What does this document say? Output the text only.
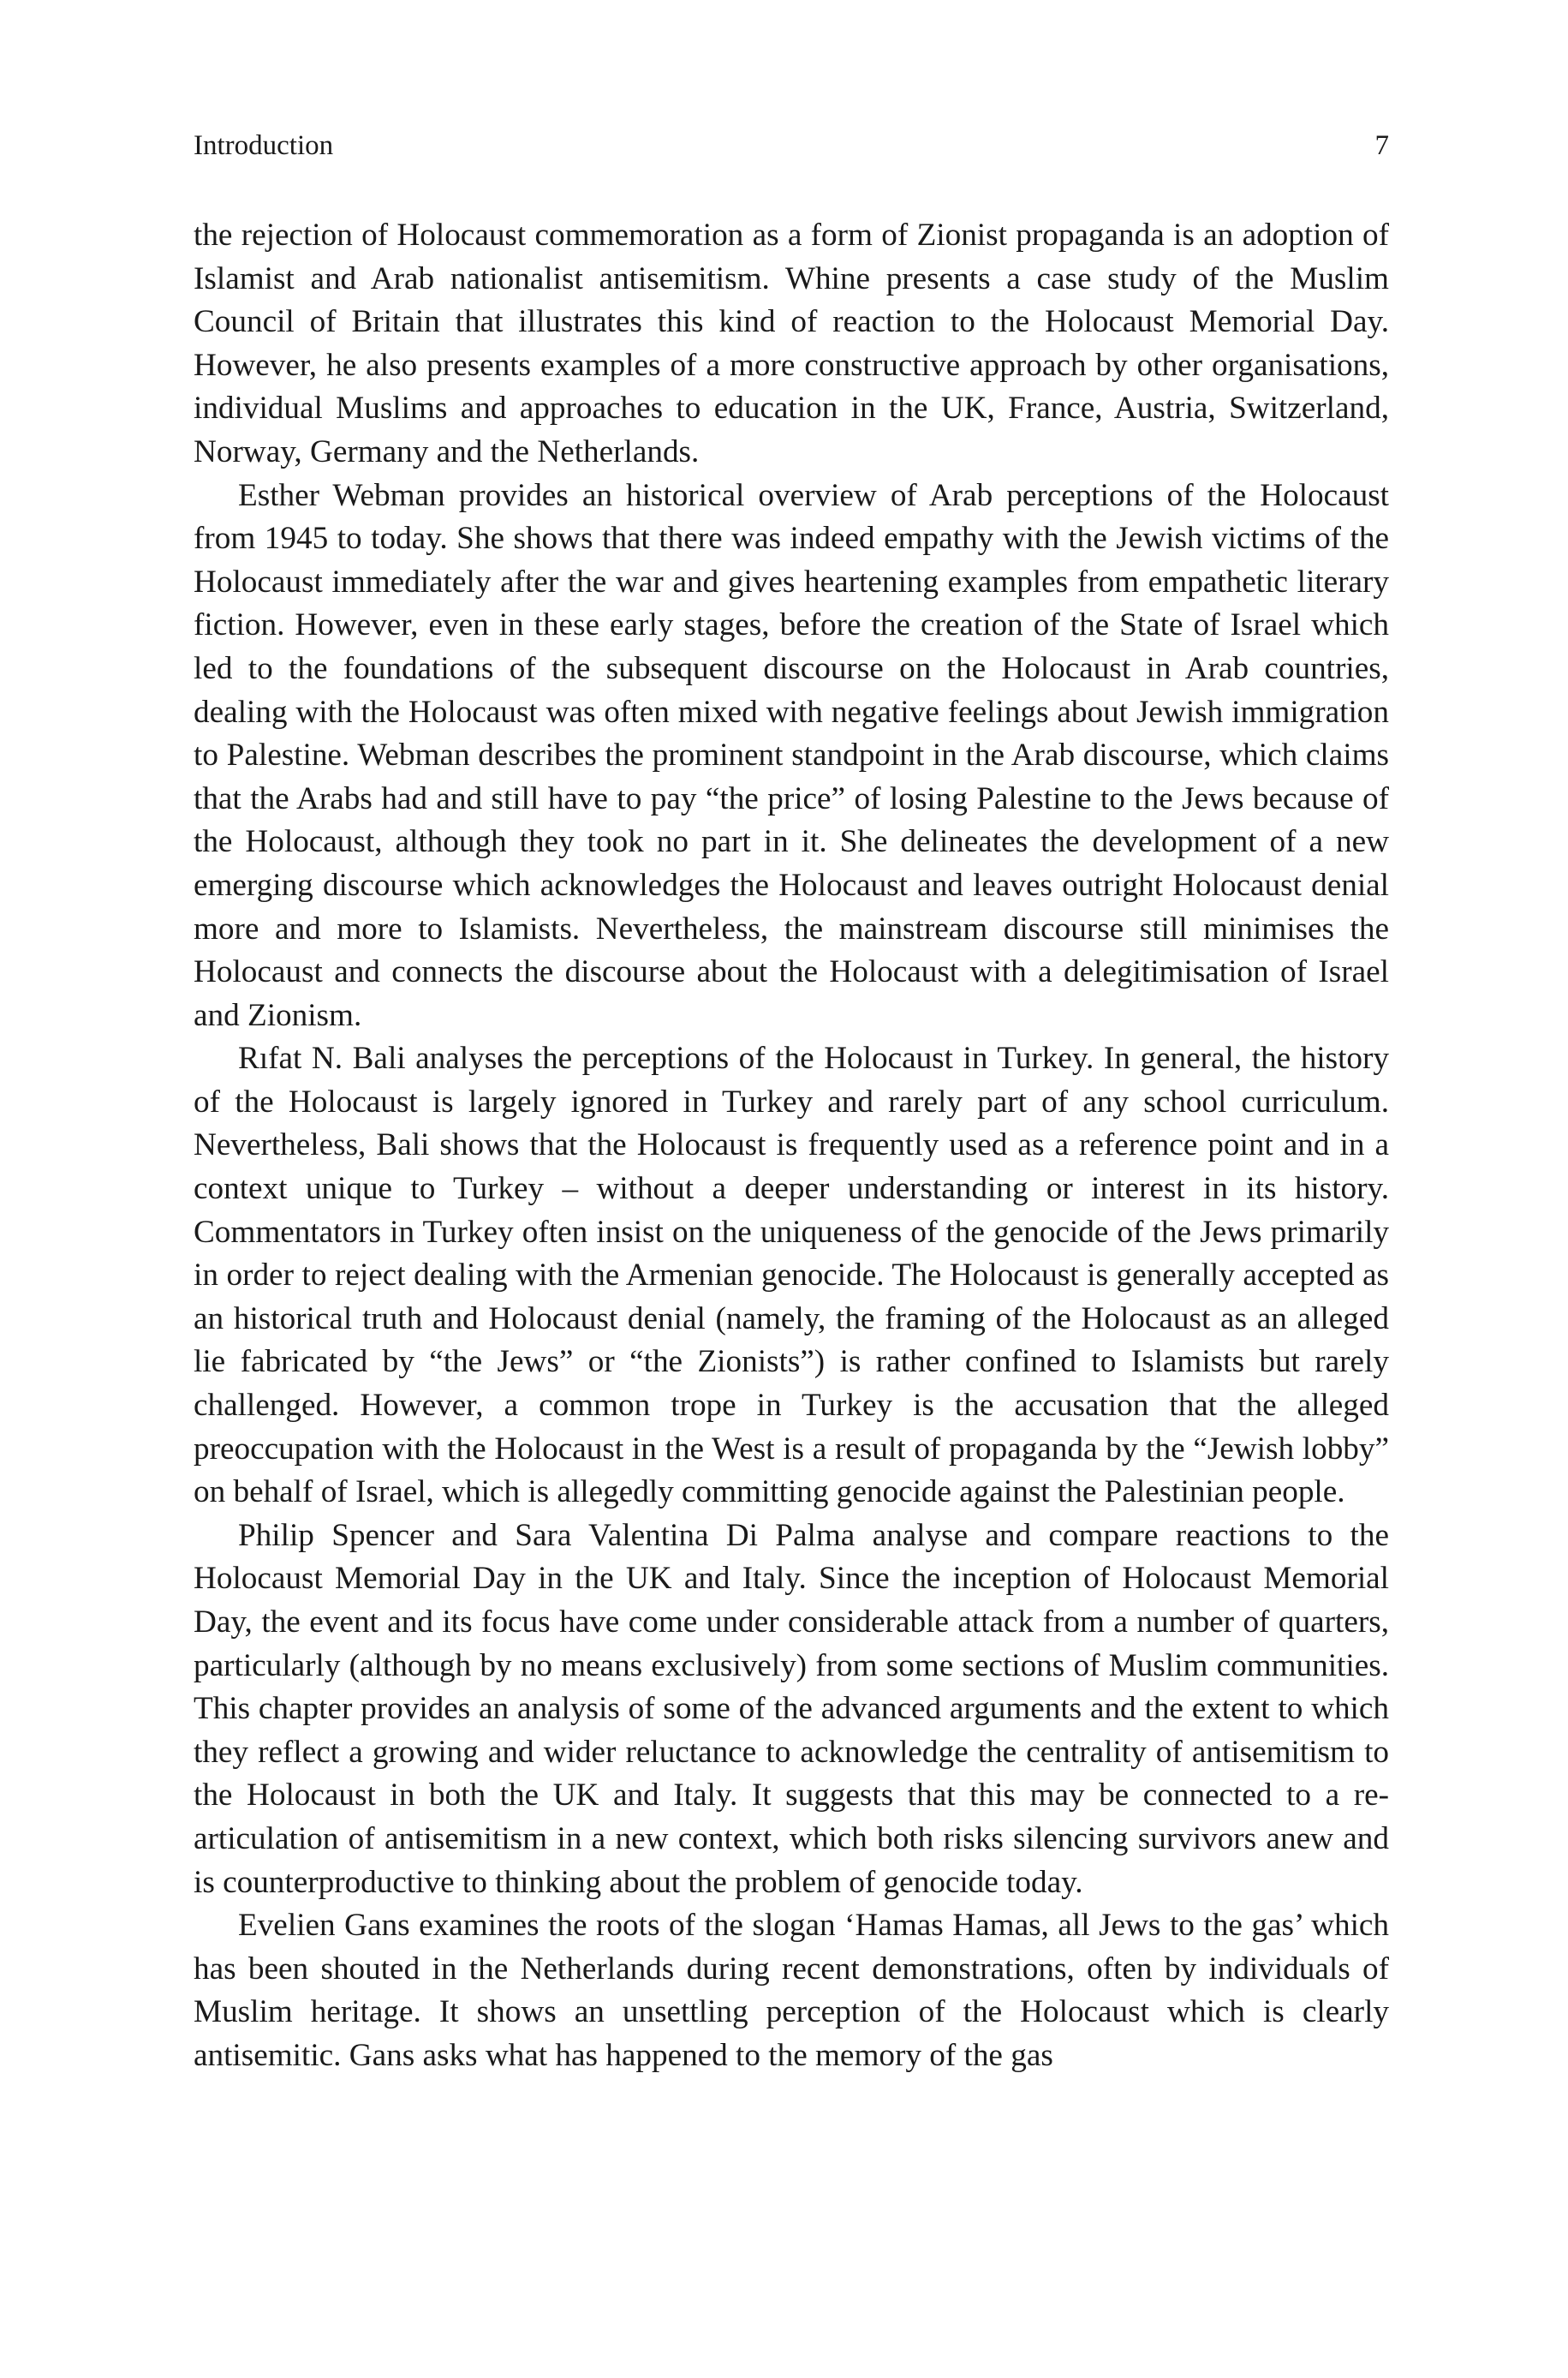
Introduction	7

the rejection of Holocaust commemoration as a form of Zionist propaganda is an adoption of Islamist and Arab nationalist antisemitism. Whine presents a case study of the Muslim Council of Britain that illustrates this kind of reaction to the Holocaust Memorial Day. However, he also presents examples of a more constructive approach by other organisations, individual Muslims and approaches to education in the UK, France, Austria, Switzerland, Norway, Germany and the Netherlands.

Esther Webman provides an historical overview of Arab perceptions of the Holocaust from 1945 to today. She shows that there was indeed empathy with the Jewish victims of the Holocaust immediately after the war and gives heartening examples from empathetic literary fiction. However, even in these early stages, before the creation of the State of Israel which led to the foundations of the subsequent discourse on the Holocaust in Arab countries, dealing with the Holocaust was often mixed with negative feelings about Jewish immigration to Palestine. Webman describes the prominent standpoint in the Arab discourse, which claims that the Arabs had and still have to pay “the price” of losing Palestine to the Jews because of the Holocaust, although they took no part in it. She delineates the development of a new emerging discourse which acknowledges the Holocaust and leaves outright Holocaust denial more and more to Islamists. Nevertheless, the mainstream discourse still minimises the Holocaust and connects the discourse about the Holocaust with a delegitimisation of Israel and Zionism.

Rıfat N. Bali analyses the perceptions of the Holocaust in Turkey. In general, the history of the Holocaust is largely ignored in Turkey and rarely part of any school curriculum. Nevertheless, Bali shows that the Holocaust is frequently used as a reference point and in a context unique to Turkey – without a deeper understanding or interest in its history. Commentators in Turkey often insist on the uniqueness of the genocide of the Jews primarily in order to reject dealing with the Armenian genocide. The Holocaust is generally accepted as an historical truth and Holocaust denial (namely, the framing of the Holocaust as an alleged lie fabricated by “the Jews” or “the Zionists”) is rather confined to Islamists but rarely challenged. However, a common trope in Turkey is the accusation that the alleged preoccupation with the Holocaust in the West is a result of propaganda by the “Jewish lobby” on behalf of Israel, which is allegedly committing genocide against the Palestinian people.

Philip Spencer and Sara Valentina Di Palma analyse and compare reactions to the Holocaust Memorial Day in the UK and Italy. Since the inception of Holocaust Memorial Day, the event and its focus have come under considerable attack from a number of quarters, particularly (although by no means exclusively) from some sections of Muslim communities. This chapter provides an analysis of some of the advanced arguments and the extent to which they reflect a growing and wider reluctance to acknowledge the centrality of antisemitism to the Holocaust in both the UK and Italy. It suggests that this may be connected to a re-articulation of antisemitism in a new context, which both risks silencing survivors anew and is counterproductive to thinking about the problem of genocide today.

Evelien Gans examines the roots of the slogan ‘Hamas Hamas, all Jews to the gas’ which has been shouted in the Netherlands during recent demonstrations, often by individuals of Muslim heritage. It shows an unsettling perception of the Holocaust which is clearly antisemitic. Gans asks what has happened to the memory of the gas
